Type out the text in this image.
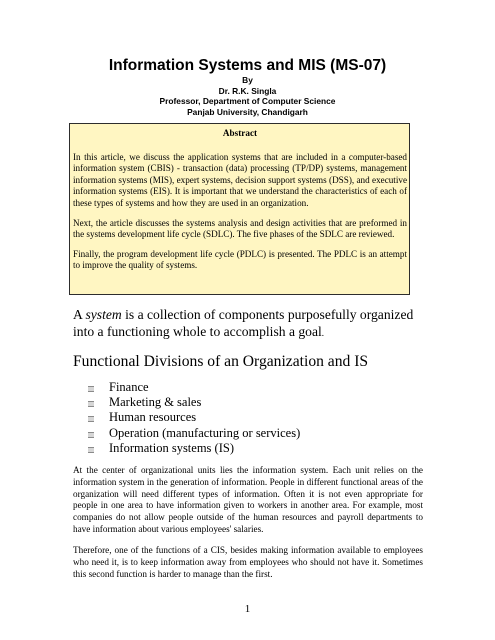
Information Systems and MIS (MS-07)

By

Dr. R.K. Singla

Professor, Department of Computer Science

Panjab University, Chandigarh

Abstract

In this article, we discuss the application systems that are included in a computer-based information system (CBIS) - transaction (data) processing (TP/DP) systems, management information systems (MIS), expert systems, decision support systems (DSS), and executive information systems (EIS). It is important that we understand the characteristics of each of these types of systems and how they are used in an organization.

Next, the article discusses the systems analysis and design activities that are preformed in the systems development life cycle (SDLC). The five phases of the SDLC are reviewed.

Finally, the program development life cycle (PDLC) is presented. The PDLC is an attempt to improve the quality of systems.

A system is a collection of components purposefully organized into a functioning whole to accomplish a goal.

Functional Divisions of an Organization and IS
Finance
Marketing & sales
Human resources
Operation (manufacturing or services)
Information systems (IS)

At the center of organizational units lies the information system. Each unit relies on the information system in the generation of information. People in different functional areas of the organization will need different types of information. Often it is not even appropriate for people in one area to have information given to workers in another area. For example, most companies do not allow people outside of the human resources and payroll departments to have information about various employees' salaries.

Therefore, one of the functions of a CIS, besides making information available to employees who need it, is to keep information away from employees who should not have it. Sometimes this second function is harder to manage than the first.

1
